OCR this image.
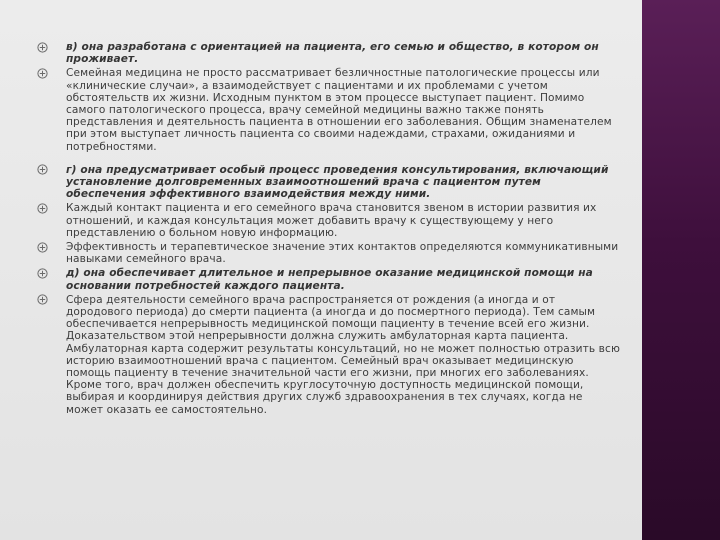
в) она разработана с ориентацией на пациента, его семью и общество, в котором он проживает.
Семейная медицина не просто рассматривает безличностные патологические процессы или «клинические случаи», а взаимодействует с пациентами и их проблемами с учетом обстоятельств их жизни. Исходным пунктом в этом процессе выступает пациент. Помимо самого патологического процесса, врачу семейной медицины важно также понять представления и деятельность пациента в отношении его заболевания. Общим знаменателем при этом выступает личность пациента со своими надеждами, страхами, ожиданиями и потребностями.
г) она предусматривает особый процесс проведения консультирования, включающий установление долговременных взаимоотношений врача с пациентом путем обеспечения эффективного взаимодействия между ними.
Каждый контакт пациента и его семейного врача становится звеном в истории развития их отношений, и каждая консультация может добавить врачу к существующему у него представлению о больном новую информацию.
Эффективность и терапевтическое значение этих контактов определяются коммуникативными навыками семейного врача.
д) она обеспечивает длительное и непрерывное оказание медицинской помощи на основании потребностей каждого пациента.
Сфера деятельности семейного врача распространяется от рождения (а иногда и от дородового периода) до смерти пациента (а иногда и до посмертного периода). Тем самым обеспечивается непрерывность медицинской помощи пациенту в течение всей его жизни. Доказательством этой непрерывности должна служить амбулаторная карта пациента. Амбулаторная карта содержит результаты консультаций, но не может полностью отразить всю историю взаимоотношений врача с пациентом. Семейный врач оказывает медицинскую помощь пациенту в течение значительной части его жизни, при многих его заболеваниях. Кроме того, врач должен обеспечить круглосуточную доступность медицинской помощи, выбирая и координируя действия других служб здравоохранения в тех случаях, когда не может оказать ее самостоятельно.
